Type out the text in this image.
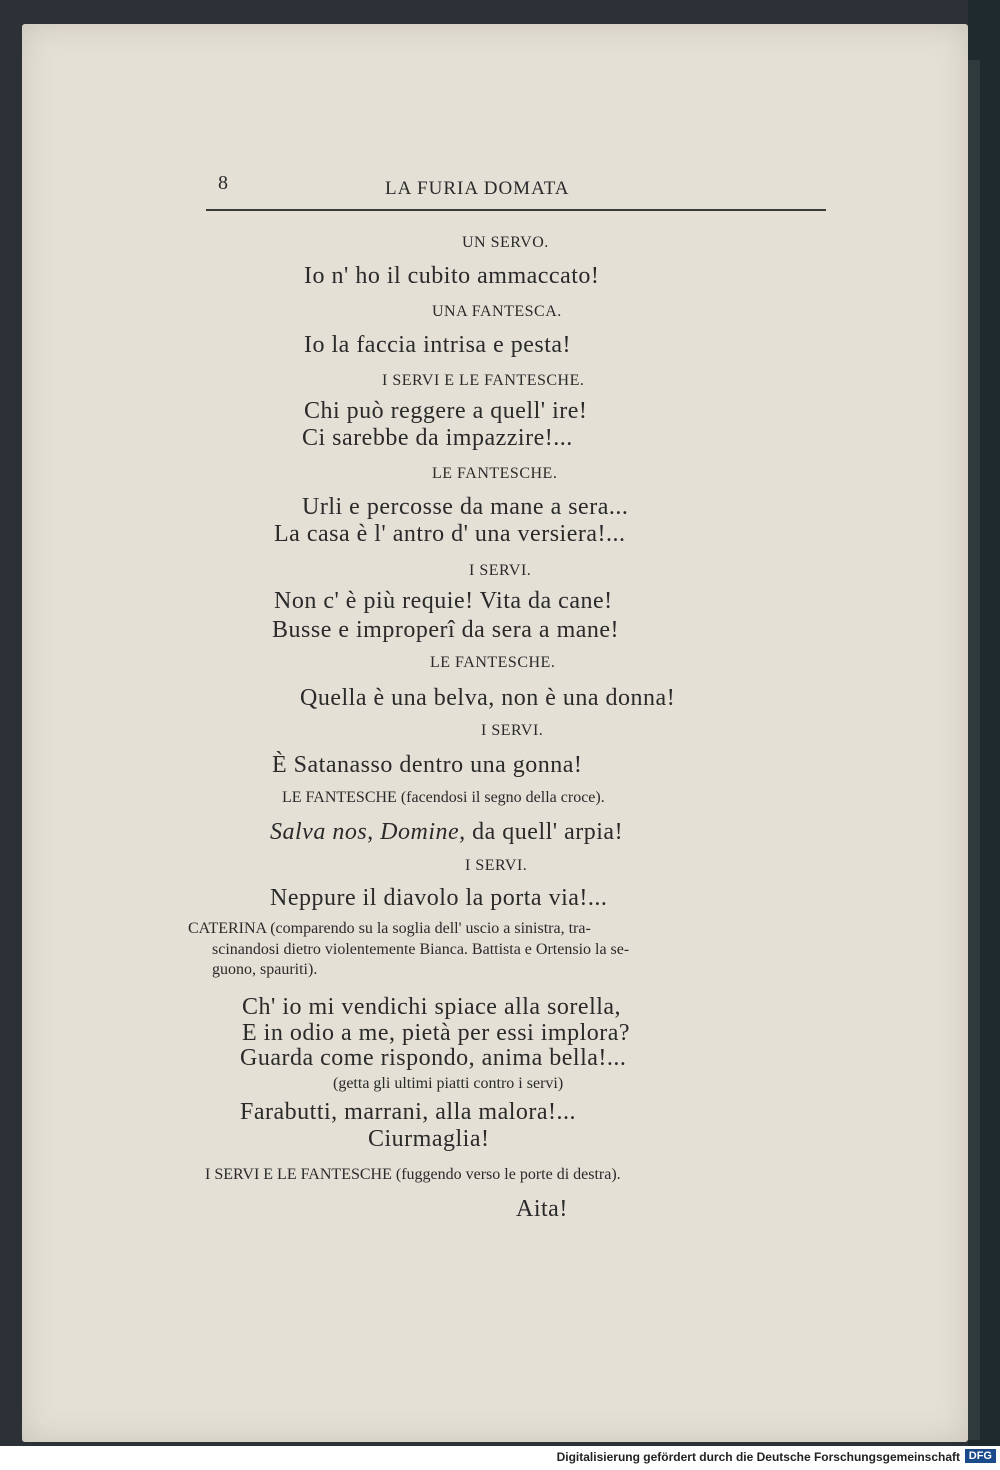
8	LA FURIA DOMATA
UN SERVO.
Io n' ho il cubito ammaccato!
UNA FANTESCA.
Io la faccia intrisa e pesta!
I SERVI E LE FANTESCHE.
Chi può reggere a quell' ire!
Ci sarebbe da impazzire!...
LE FANTESCHE.
Urli e percosse da mane a sera...
La casa è l' antro d' una versiera!...
I SERVI.
Non c' è più requie! Vita da cane!
Busse e improperî da sera a mane!
LE FANTESCHE.
Quella è una belva, non è una donna!
I SERVI.
È Satanasso dentro una gonna!
LE FANTESCHE (facendosi il segno della croce).
Salva nos, Domine, da quell' arpia!
I SERVI.
Neppure il diavolo la porta via!...
CATERINA (comparendo su la soglia dell' uscio a sinistra, tra-
scinandosi dietro violentemente Bianca. Battista e Ortensio la se-
guono, spauriti).
Ch' io mi vendichi spiace alla sorella,
E in odio a me, pietà per essi implora?
Guarda come rispondo, anima bella!...
(getta gli ultimi piatti contro i servi)
Farabutti, marrani, alla malora!...
Ciurmaglia!
I SERVI E LE FANTESCHE (fuggendo verso le porte di destra).
Aita!
Digitalisierung gefördert durch die Deutsche Forschungsgemeinschaft DFG
